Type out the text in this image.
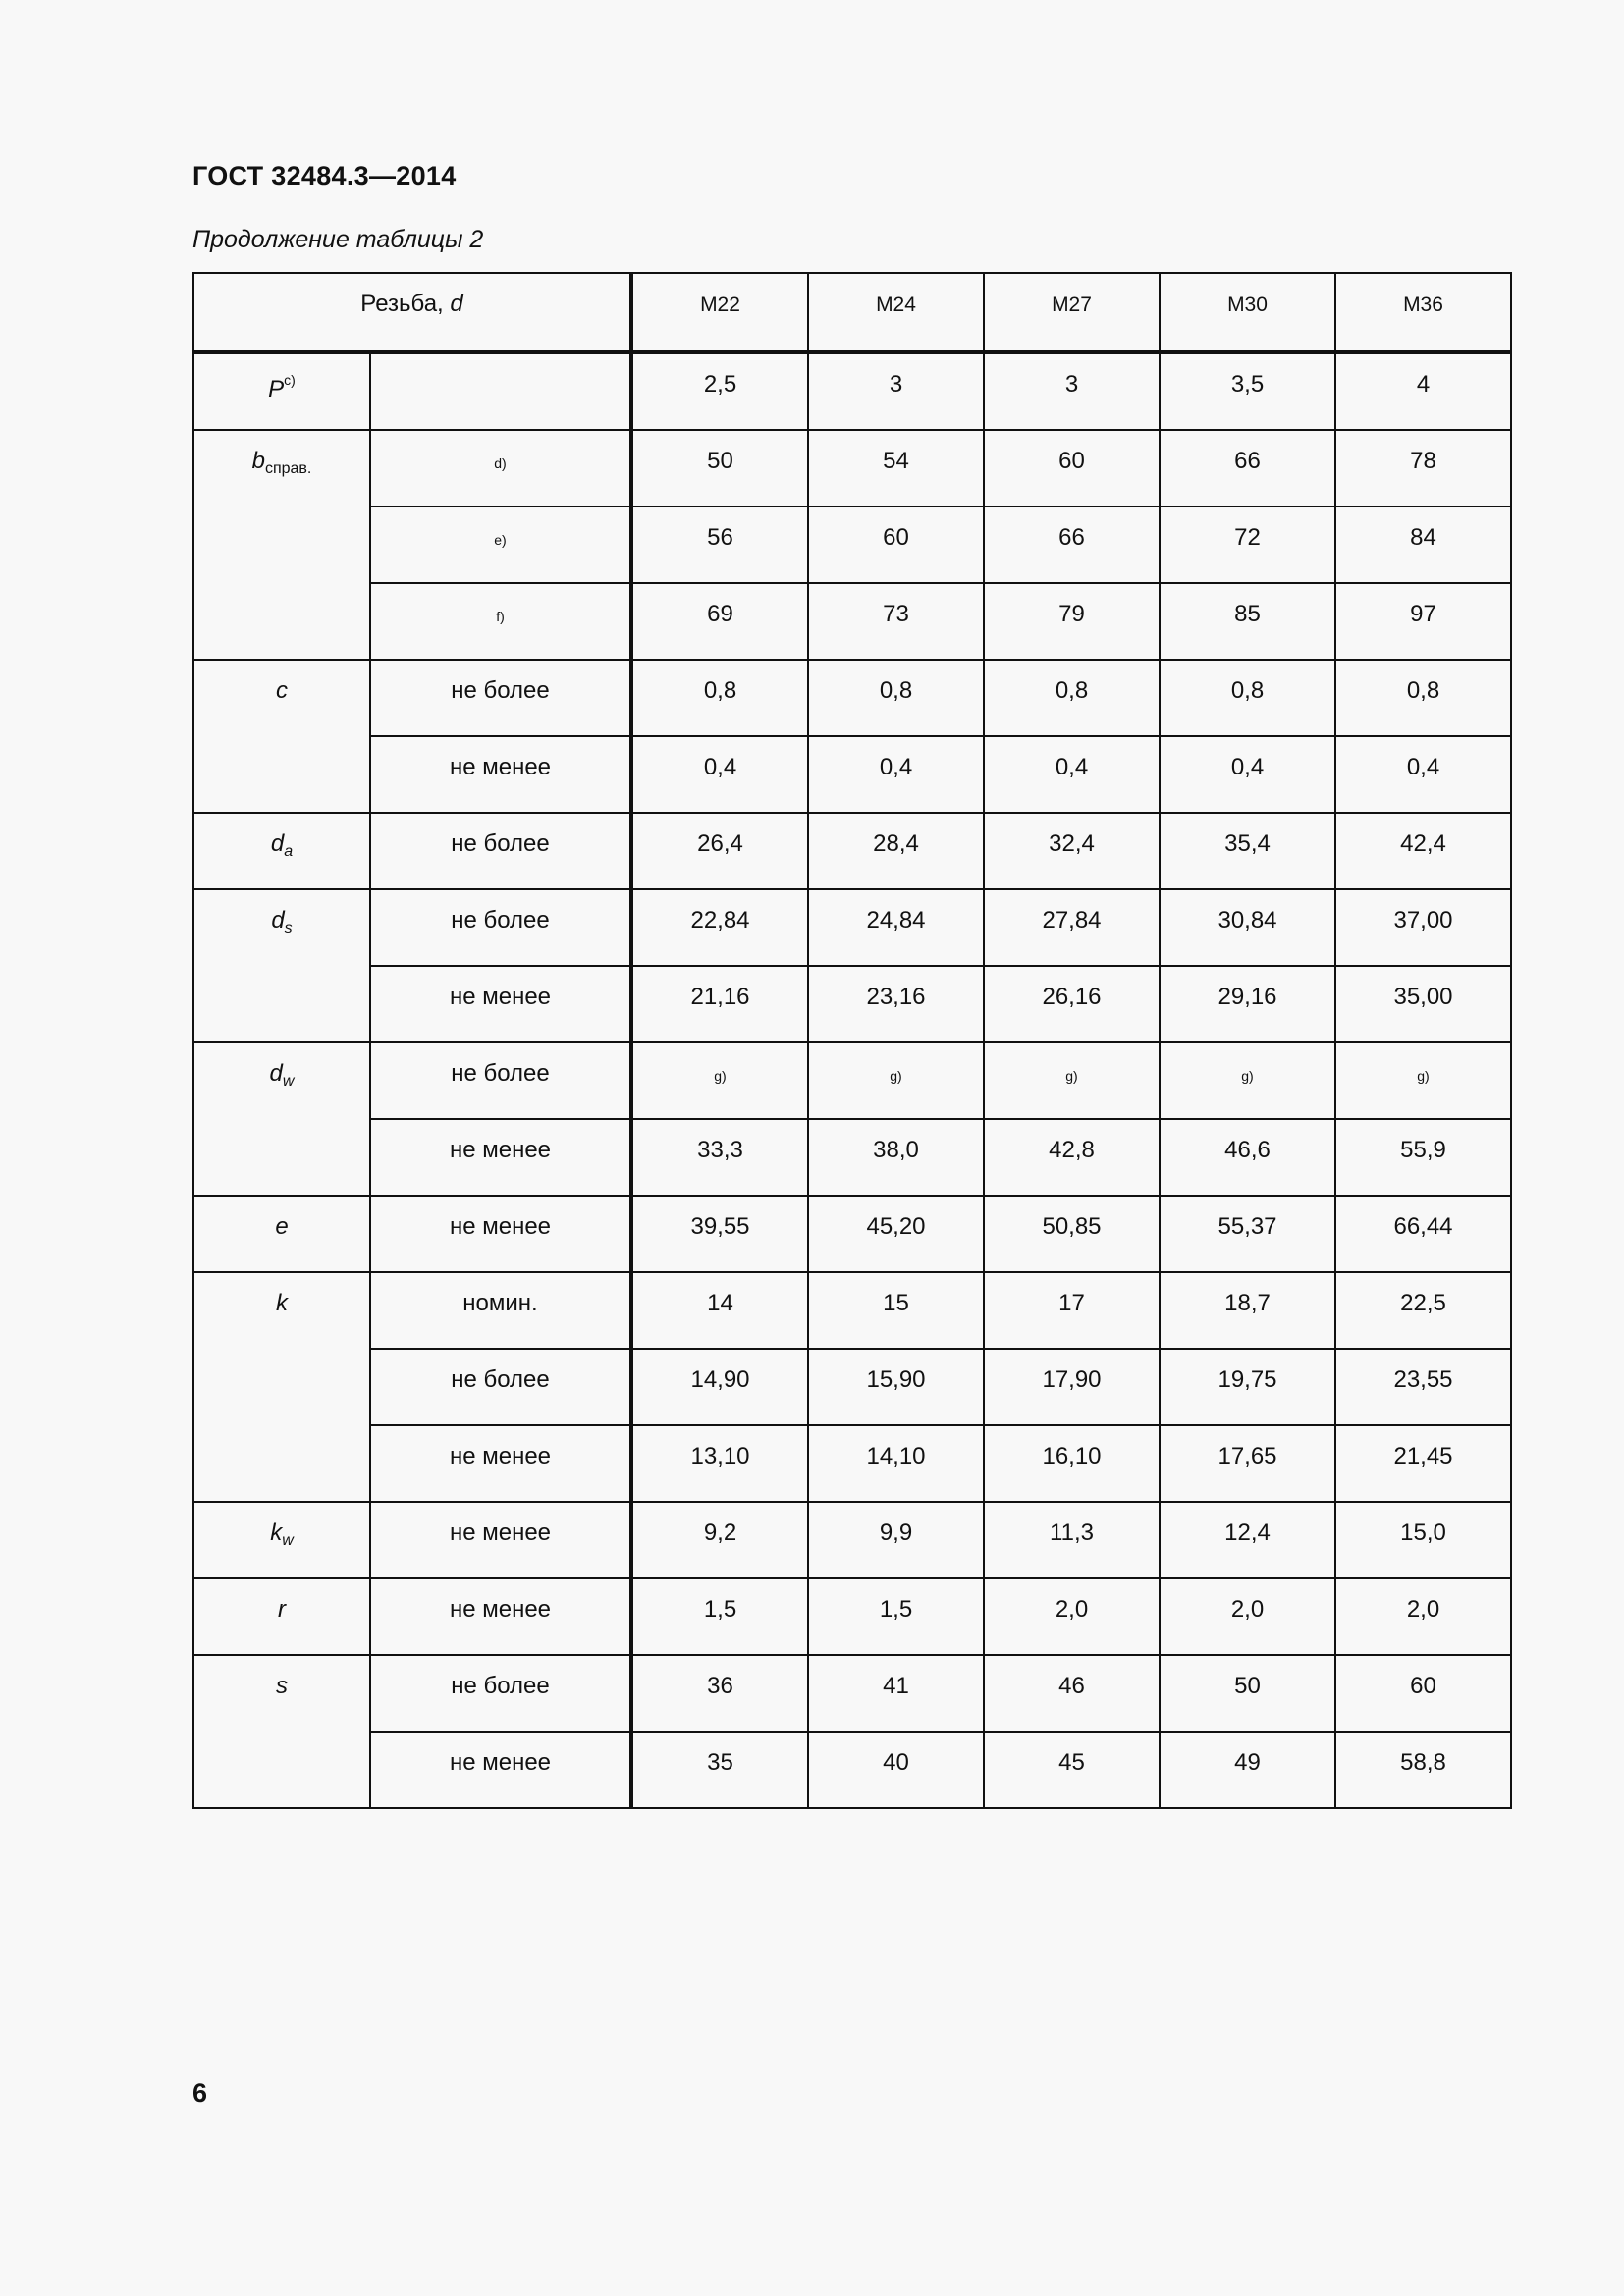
ГОСТ 32484.3—2014
Продолжение таблицы 2
Резьба, d		M22	M24	M27	M30	M36

$P^{c)}$		2,5	3	3	3,5	4

$b_{справ.}$	d)	50	54	60	66	78

	e)	56	60	66	72	84

	f)	69	73	79	85	97

c	не более	0,8	0,8	0,8	0,8	0,8

	не менее	0,4	0,4	0,4	0,4	0,4

$d_a$	не более	26,4	28,4	32,4	35,4	42,4

$d_s$	не более	22,84	24,84	27,84	30,84	37,00

	не менее	21,16	23,16	26,16	29,16	35,00

$d_w$	не более	g)	g)	g)	g)	g)

	не менее	33,3	38,0	42,8	46,6	55,9

e	не менее	39,55	45,20	50,85	55,37	66,44

k	номин.	14	15	17	18,7	22,5

	не более	14,90	15,90	17,90	19,75	23,55

	не менее	13,10	14,10	16,10	17,65	21,45

$k_w$	не менее	9,2	9,9	11,3	12,4	15,0

r	не менее	1,5	1,5	2,0	2,0	2,0

s	не более	36	41	46	50	60

	не менее	35	40	45	49	58,8
6
